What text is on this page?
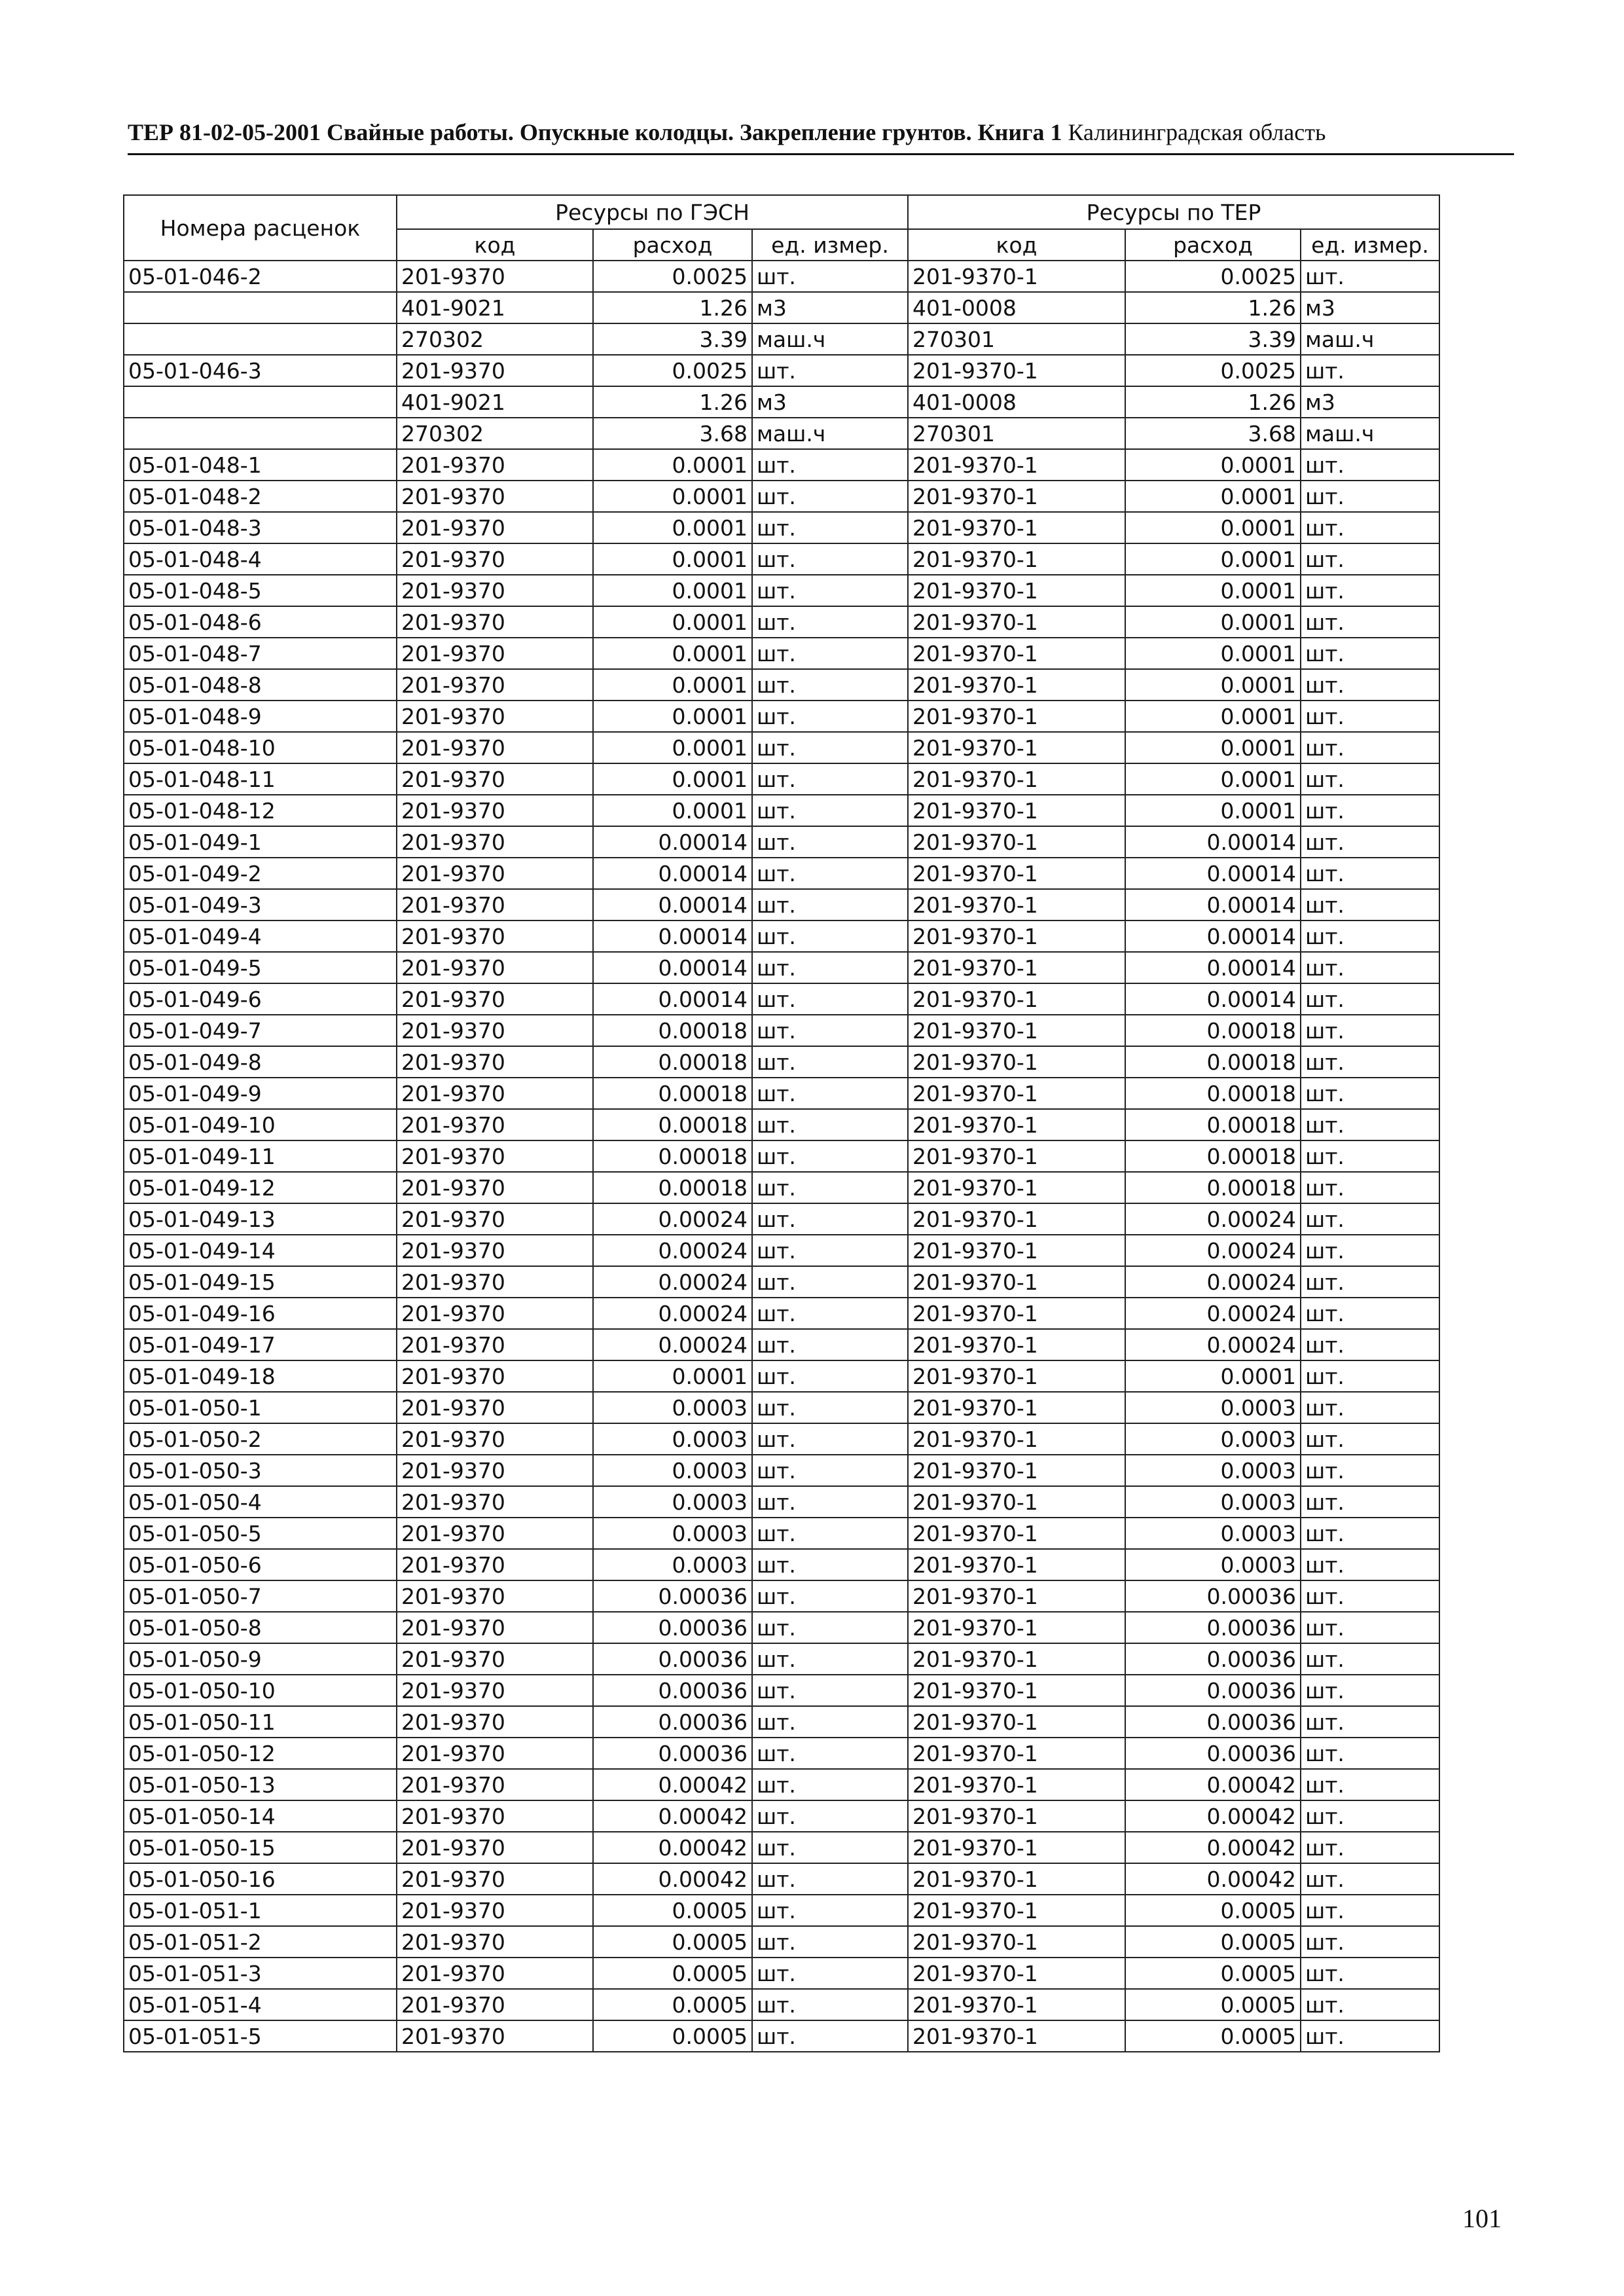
ТЕР 81-02-05-2001 Свайные работы. Опускные колодцы. Закрепление грунтов. Книга 1 Калининградская область
Номера расценок	Ресурсы по ГЭСН			Ресурсы по ТЕР		
	код	расход	ед. измер.	код	расход	ед. измер.
05-01-046-2	201-9370	0.0025	шт.	201-9370-1	0.0025	шт.
	401-9021	1.26	м3	401-0008	1.26	м3
	270302	3.39	маш.ч	270301	3.39	маш.ч
05-01-046-3	201-9370	0.0025	шт.	201-9370-1	0.0025	шт.
	401-9021	1.26	м3	401-0008	1.26	м3
	270302	3.68	маш.ч	270301	3.68	маш.ч
05-01-048-1	201-9370	0.0001	шт.	201-9370-1	0.0001	шт.
05-01-048-2	201-9370	0.0001	шт.	201-9370-1	0.0001	шт.
05-01-048-3	201-9370	0.0001	шт.	201-9370-1	0.0001	шт.
05-01-048-4	201-9370	0.0001	шт.	201-9370-1	0.0001	шт.
05-01-048-5	201-9370	0.0001	шт.	201-9370-1	0.0001	шт.
05-01-048-6	201-9370	0.0001	шт.	201-9370-1	0.0001	шт.
05-01-048-7	201-9370	0.0001	шт.	201-9370-1	0.0001	шт.
05-01-048-8	201-9370	0.0001	шт.	201-9370-1	0.0001	шт.
05-01-048-9	201-9370	0.0001	шт.	201-9370-1	0.0001	шт.
05-01-048-10	201-9370	0.0001	шт.	201-9370-1	0.0001	шт.
05-01-048-11	201-9370	0.0001	шт.	201-9370-1	0.0001	шт.
05-01-048-12	201-9370	0.0001	шт.	201-9370-1	0.0001	шт.
05-01-049-1	201-9370	0.00014	шт.	201-9370-1	0.00014	шт.
05-01-049-2	201-9370	0.00014	шт.	201-9370-1	0.00014	шт.
05-01-049-3	201-9370	0.00014	шт.	201-9370-1	0.00014	шт.
05-01-049-4	201-9370	0.00014	шт.	201-9370-1	0.00014	шт.
05-01-049-5	201-9370	0.00014	шт.	201-9370-1	0.00014	шт.
05-01-049-6	201-9370	0.00014	шт.	201-9370-1	0.00014	шт.
05-01-049-7	201-9370	0.00018	шт.	201-9370-1	0.00018	шт.
05-01-049-8	201-9370	0.00018	шт.	201-9370-1	0.00018	шт.
05-01-049-9	201-9370	0.00018	шт.	201-9370-1	0.00018	шт.
05-01-049-10	201-9370	0.00018	шт.	201-9370-1	0.00018	шт.
05-01-049-11	201-9370	0.00018	шт.	201-9370-1	0.00018	шт.
05-01-049-12	201-9370	0.00018	шт.	201-9370-1	0.00018	шт.
05-01-049-13	201-9370	0.00024	шт.	201-9370-1	0.00024	шт.
05-01-049-14	201-9370	0.00024	шт.	201-9370-1	0.00024	шт.
05-01-049-15	201-9370	0.00024	шт.	201-9370-1	0.00024	шт.
05-01-049-16	201-9370	0.00024	шт.	201-9370-1	0.00024	шт.
05-01-049-17	201-9370	0.00024	шт.	201-9370-1	0.00024	шт.
05-01-049-18	201-9370	0.0001	шт.	201-9370-1	0.0001	шт.
05-01-050-1	201-9370	0.0003	шт.	201-9370-1	0.0003	шт.
05-01-050-2	201-9370	0.0003	шт.	201-9370-1	0.0003	шт.
05-01-050-3	201-9370	0.0003	шт.	201-9370-1	0.0003	шт.
05-01-050-4	201-9370	0.0003	шт.	201-9370-1	0.0003	шт.
05-01-050-5	201-9370	0.0003	шт.	201-9370-1	0.0003	шт.
05-01-050-6	201-9370	0.0003	шт.	201-9370-1	0.0003	шт.
05-01-050-7	201-9370	0.00036	шт.	201-9370-1	0.00036	шт.
05-01-050-8	201-9370	0.00036	шт.	201-9370-1	0.00036	шт.
05-01-050-9	201-9370	0.00036	шт.	201-9370-1	0.00036	шт.
05-01-050-10	201-9370	0.00036	шт.	201-9370-1	0.00036	шт.
05-01-050-11	201-9370	0.00036	шт.	201-9370-1	0.00036	шт.
05-01-050-12	201-9370	0.00036	шт.	201-9370-1	0.00036	шт.
05-01-050-13	201-9370	0.00042	шт.	201-9370-1	0.00042	шт.
05-01-050-14	201-9370	0.00042	шт.	201-9370-1	0.00042	шт.
05-01-050-15	201-9370	0.00042	шт.	201-9370-1	0.00042	шт.
05-01-050-16	201-9370	0.00042	шт.	201-9370-1	0.00042	шт.
05-01-051-1	201-9370	0.0005	шт.	201-9370-1	0.0005	шт.
05-01-051-2	201-9370	0.0005	шт.	201-9370-1	0.0005	шт.
05-01-051-3	201-9370	0.0005	шт.	201-9370-1	0.0005	шт.
05-01-051-4	201-9370	0.0005	шт.	201-9370-1	0.0005	шт.
05-01-051-5	201-9370	0.0005	шт.	201-9370-1	0.0005	шт.
101
